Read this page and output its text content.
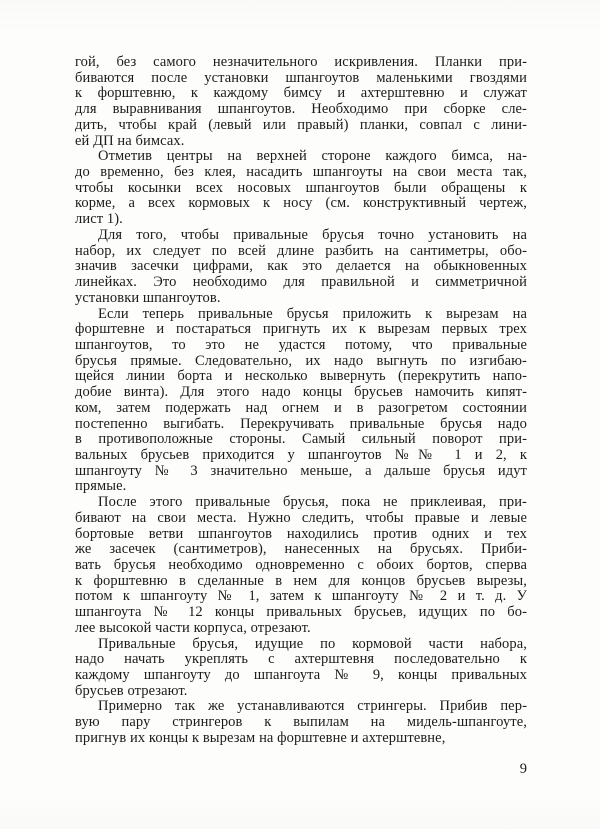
гой, без самого незначительного искривления. Планки при-
биваются после установки шпангоутов маленькими гвоздями
к форштевню, к каждому бимсу и ахтерштевню и служат
для выравнивания шпангоутов. Необходимо при сборке сле-
дить, чтобы край (левый или правый) планки, совпал с лини-
ей ДП на бимсах.
Отметив центры на верхней стороне каждого бимса, на-
до временно, без клея, насадить шпангоуты на свои места так,
чтобы косынки всех носовых шпангоутов были обращены к
корме, а всех кормовых к носу (см. конструктивный чертеж,
лист 1).
Для того, чтобы привальные брусья точно установить на
набор, их следует по всей длине разбить на сантиметры, обо-
значив засечки цифрами, как это делается на обыкновенных
линейках. Это необходимо для правильной и симметричной
установки шпангоутов.
Если теперь привальные брусья приложить к вырезам на
форштевне и постараться пригнуть их к вырезам первых трех
шпангоутов, то это не удастся потому, что привальные
брусья прямые. Следовательно, их надо выгнуть по изгибаю-
щейся линии борта и несколько вывернуть (перекрутить напо-
добие винта). Для этого надо концы брусьев намочить кипят-
ком, затем подержать над огнем и в разогретом состоянии
постепенно выгибать. Перекручивать привальные брусья надо
в противоположные стороны. Самый сильный поворот при-
вальных брусьев приходится у шпангоутов №№ 1 и 2, к
шпангоуту № 3 значительно меньше, а дальше брусья идут
прямые.
После этого привальные брусья, пока не приклеивая, при-
бивают на свои места. Нужно следить, чтобы правые и левые
бортовые ветви шпангоутов находились против одних и тех
же засечек (сантиметров), нанесенных на брусьях. Приби-
вать брусья необходимо одновременно с обоих бортов, сперва
к форштевню в сделанные в нем для концов брусьев вырезы,
потом к шпангоуту № 1, затем к шпангоуту № 2 и т. д. У
шпангоута № 12 концы привальных брусьев, идущих по бо-
лее высокой части корпуса, отрезают.
Привальные брусья, идущие по кормовой части набора,
надо начать укреплять с ахтерштевня последовательно к
каждому шпангоуту до шпангоута № 9, концы привальных
брусьев отрезают.
Примерно так же устанавливаются стрингеры. Прибив пер-
вую пару стрингеров к выпилам на мидель-шпангоуте,
пригнув их концы к вырезам на форштевне и ахтерштевне,
9
